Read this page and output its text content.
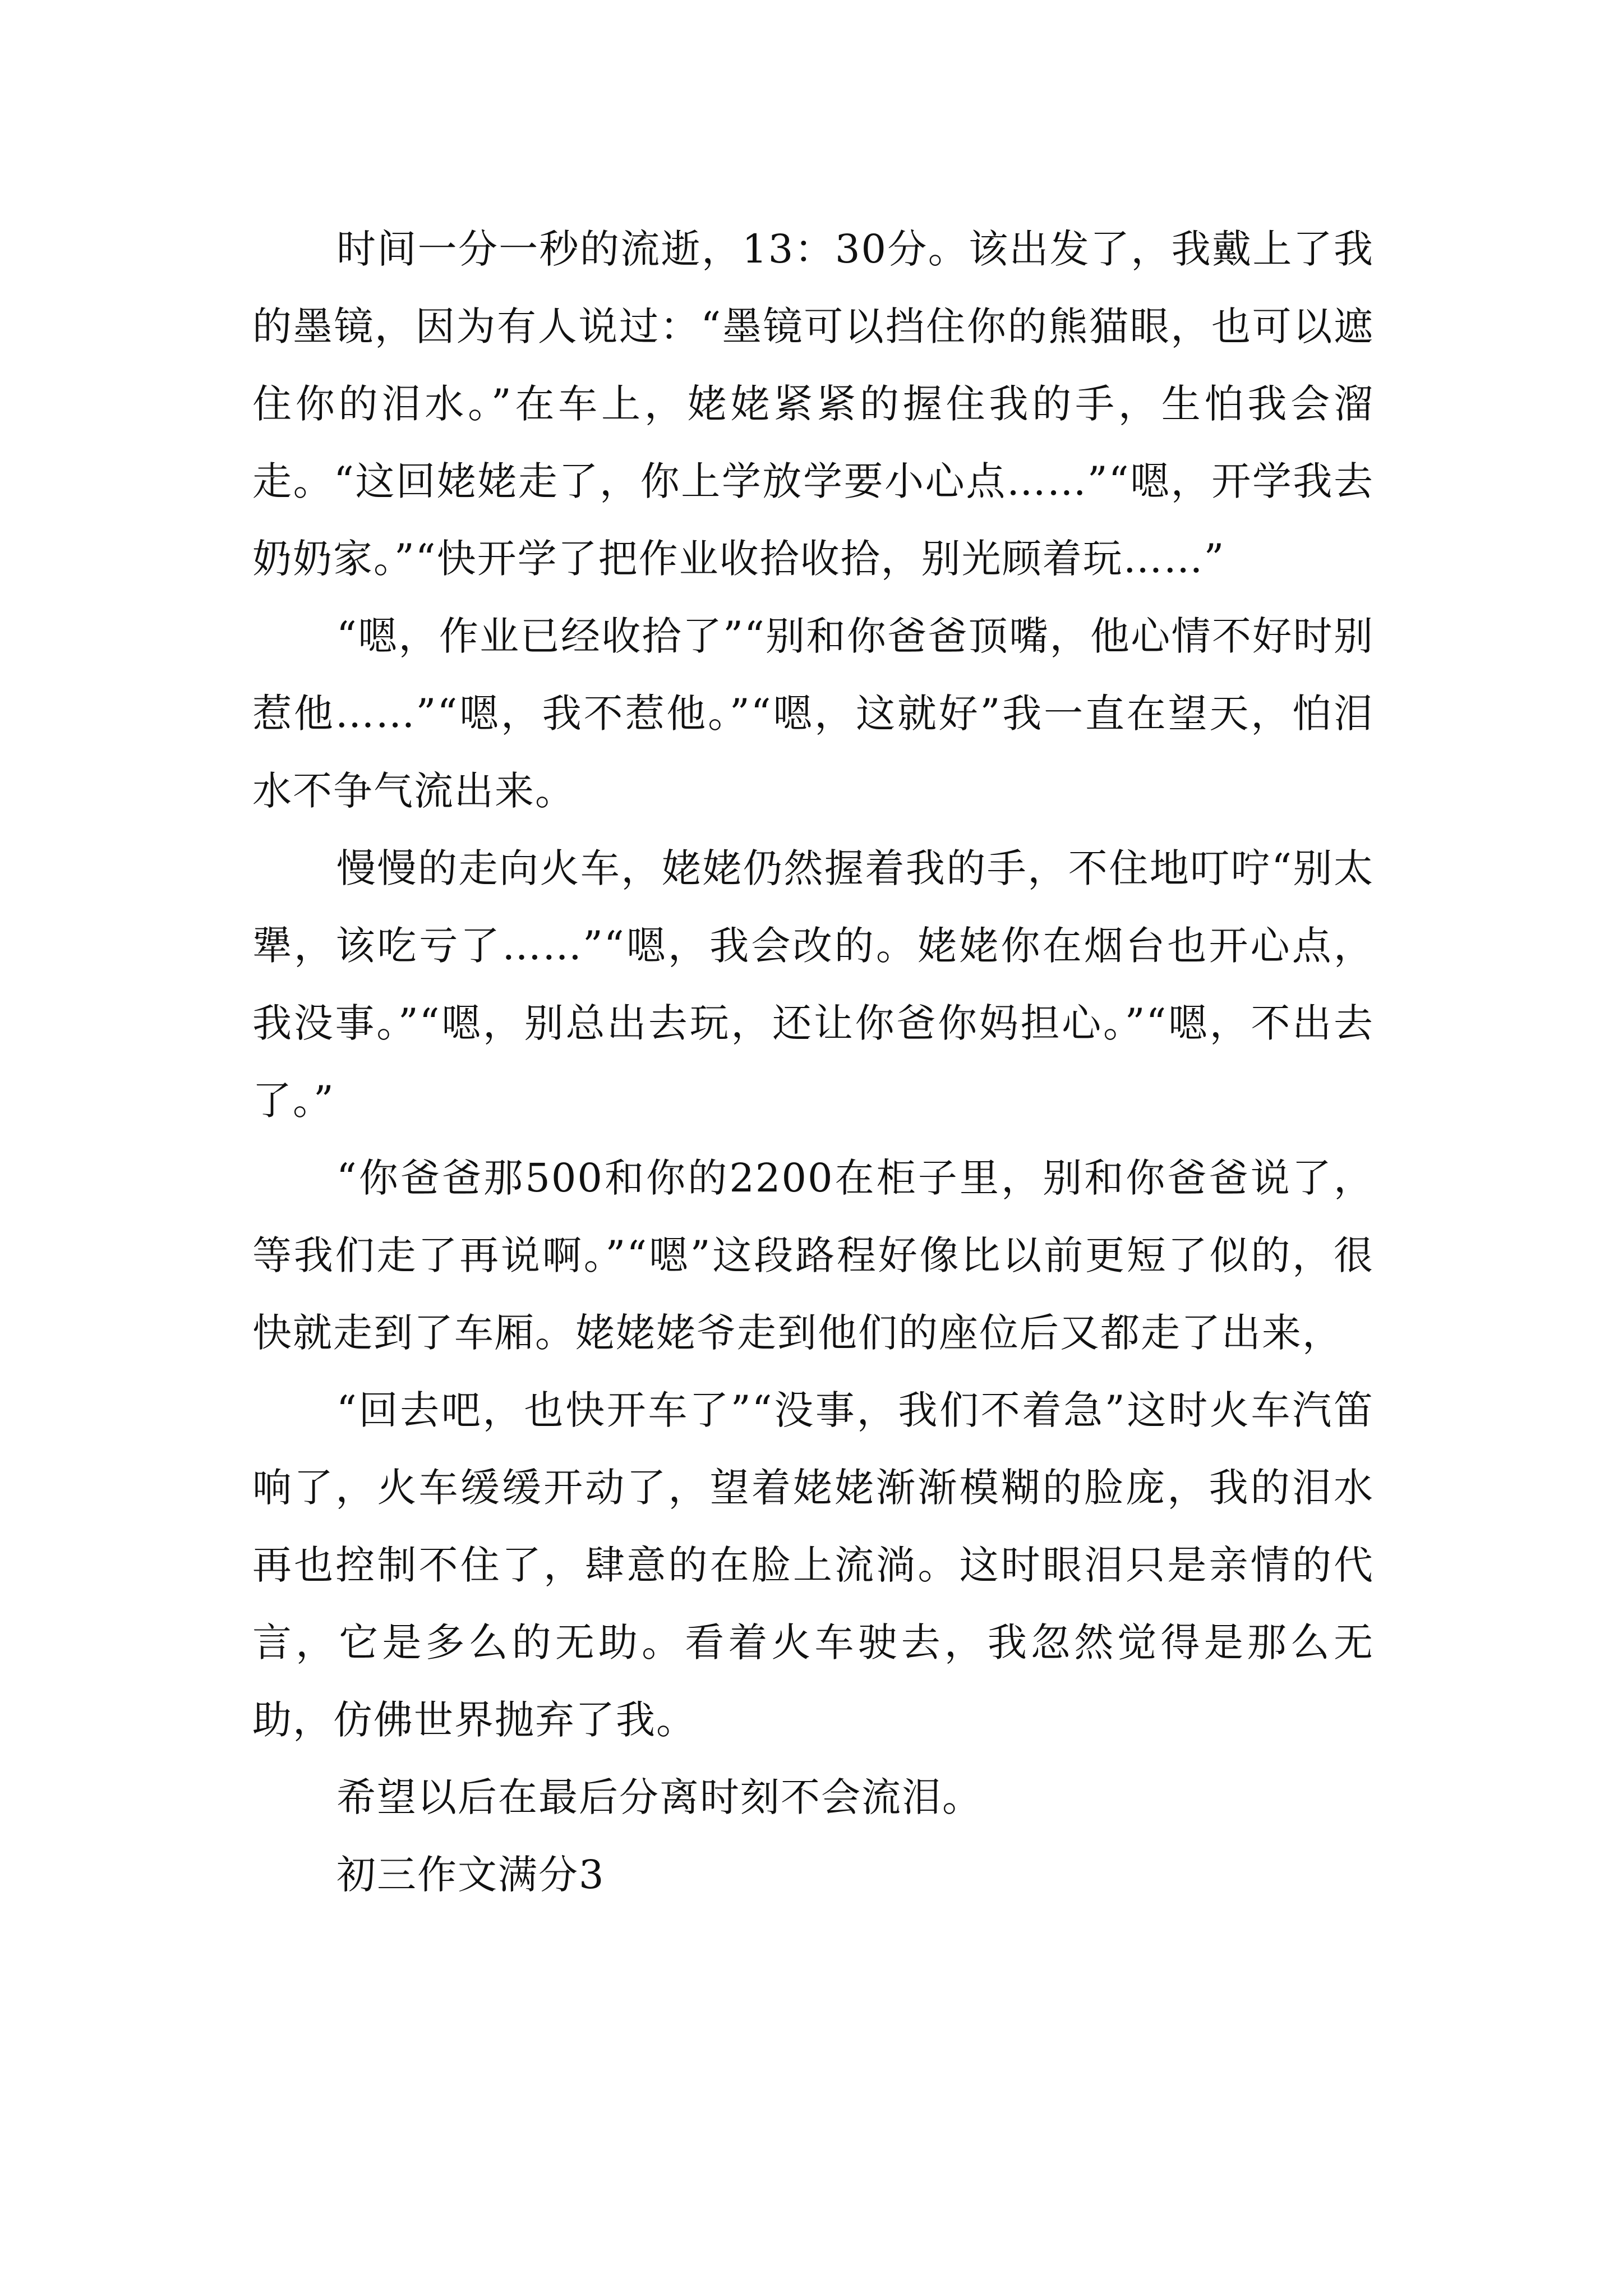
时间一分一秒的流逝，13：30分。该出发了，我戴上了我的墨镜，因为有人说过：“墨镜可以挡住你的熊猫眼，也可以遮住你的泪水。”在车上，姥姥紧紧的握住我的手，生怕我会溜走。“这回姥姥走了，你上学放学要小心点……”“嗯，开学我去奶奶家。”“快开学了把作业收拾收拾，别光顾着玩……”

“嗯，作业已经收拾了”“别和你爸爸顶嘴，他心情不好时别惹他……”“嗯，我不惹他。”“嗯，这就好”我一直在望天，怕泪水不争气流出来。

慢慢的走向火车，姥姥仍然握着我的手，不住地叮咛“别太犟，该吃亏了……”“嗯，我会改的。姥姥你在烟台也开心点，我没事。”“嗯，别总出去玩，还让你爸你妈担心。”“嗯，不出去了。”

“你爸爸那500和你的2200在柜子里，别和你爸爸说了，等我们走了再说啊。”“嗯”这段路程好像比以前更短了似的，很快就走到了车厢。姥姥姥爷走到他们的座位后又都走了出来，

“回去吧，也快开车了”“没事，我们不着急”这时火车汽笛响了，火车缓缓开动了，望着姥姥渐渐模糊的脸庞，我的泪水再也控制不住了，肆意的在脸上流淌。这时眼泪只是亲情的代言，它是多么的无助。看着火车驶去，我忽然觉得是那么无助，仿佛世界抛弃了我。

希望以后在最后分离时刻不会流泪。

初三作文满分3
